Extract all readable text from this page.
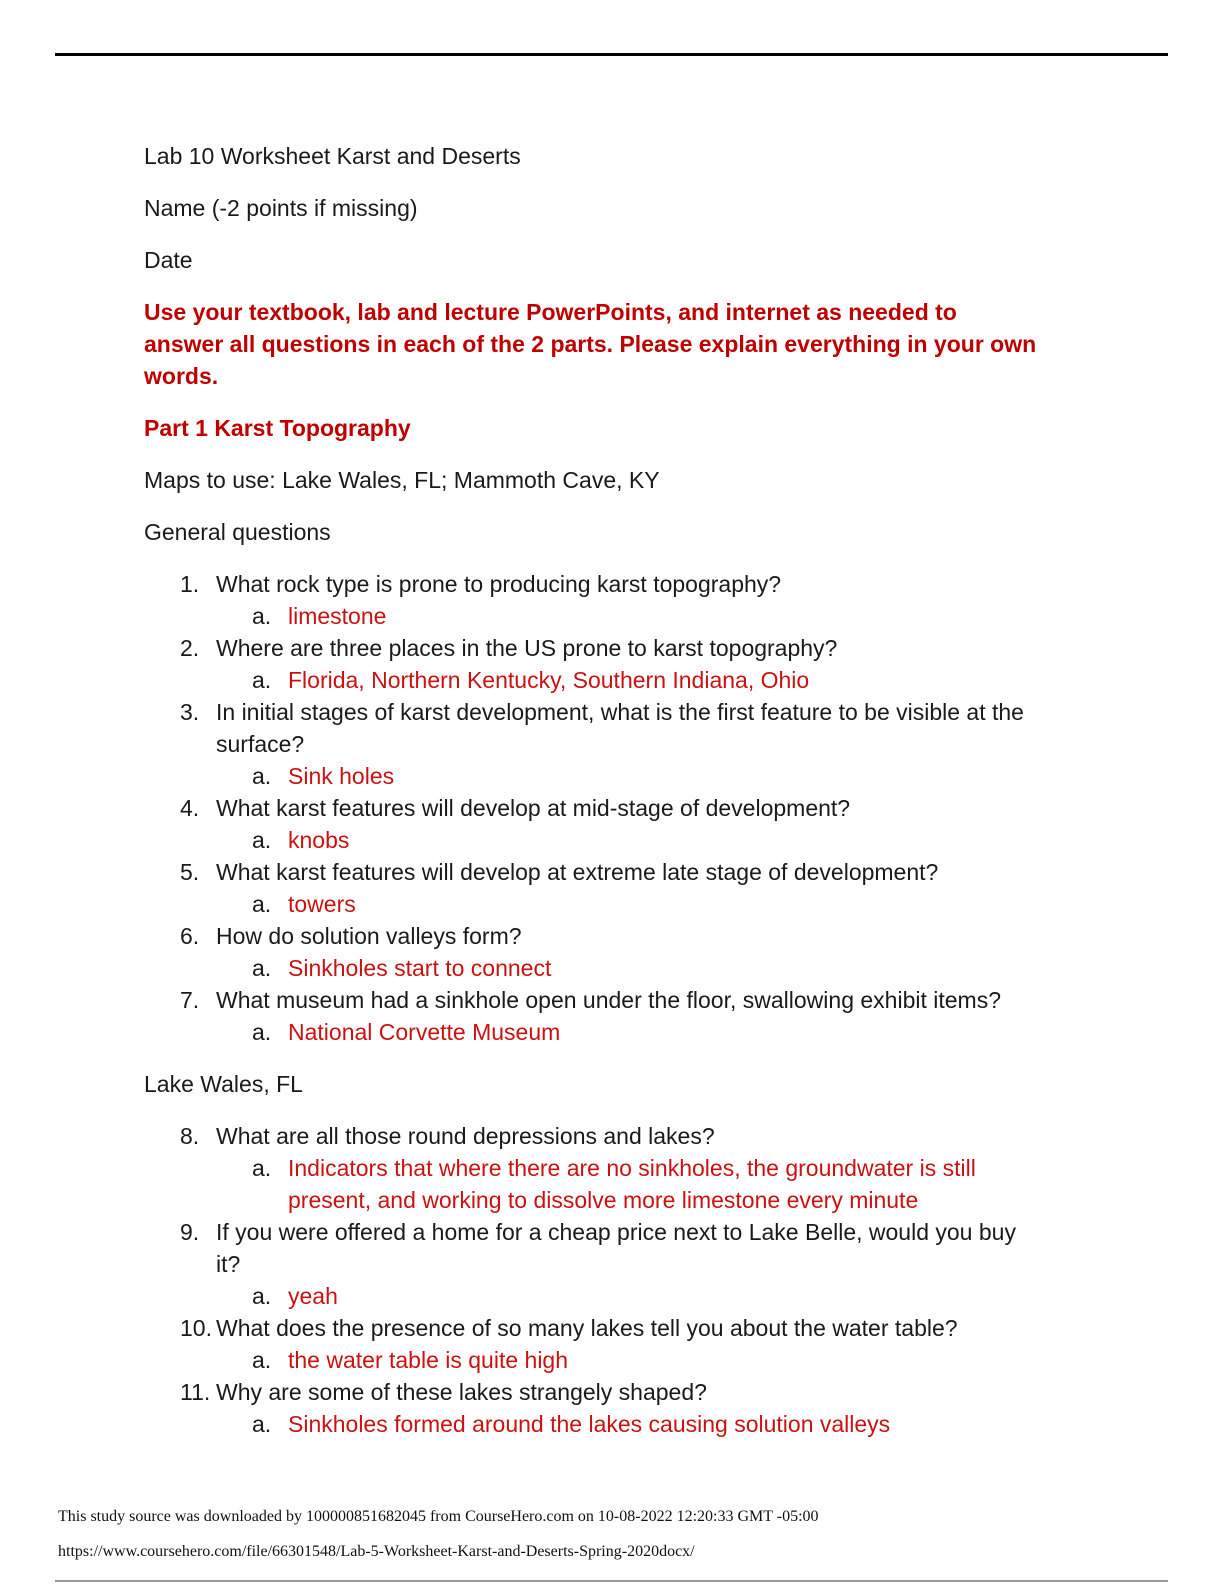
Lab 10 Worksheet Karst and Deserts

Name (-2 points if missing)

Date

Use your textbook, lab and lecture PowerPoints, and internet as needed to
answer all questions in each of the 2 parts. Please explain everything in your own
words.

Part 1 Karst Topography

Maps to use: Lake Wales, FL; Mammoth Cave, KY

General questions

1. What rock type is prone to producing karst topography?
a. limestone
2. Where are three places in the US prone to karst topography?
a. Florida, Northern Kentucky, Southern Indiana, Ohio
3. In initial stages of karst development, what is the first feature to be visible at the
surface?
a. Sink holes
4. What karst features will develop at mid-stage of development?
a. knobs
5. What karst features will develop at extreme late stage of development?
a. towers
6. How do solution valleys form?
a. Sinkholes start to connect
7. What museum had a sinkhole open under the floor, swallowing exhibit items?
a. National Corvette Museum

Lake Wales, FL

8. What are all those round depressions and lakes?
a. Indicators that where there are no sinkholes, the groundwater is still
present, and working to dissolve more limestone every minute
9. If you were offered a home for a cheap price next to Lake Belle, would you buy
it?
a. yeah
10. What does the presence of so many lakes tell you about the water table?
a. the water table is quite high
11. Why are some of these lakes strangely shaped?
a. Sinkholes formed around the lakes causing solution valleys
This study source was downloaded by 100000851682045 from CourseHero.com on 10-08-2022 12:20:33 GMT -05:00
https://www.coursehero.com/file/66301548/Lab-5-Worksheet-Karst-and-Deserts-Spring-2020docx/
